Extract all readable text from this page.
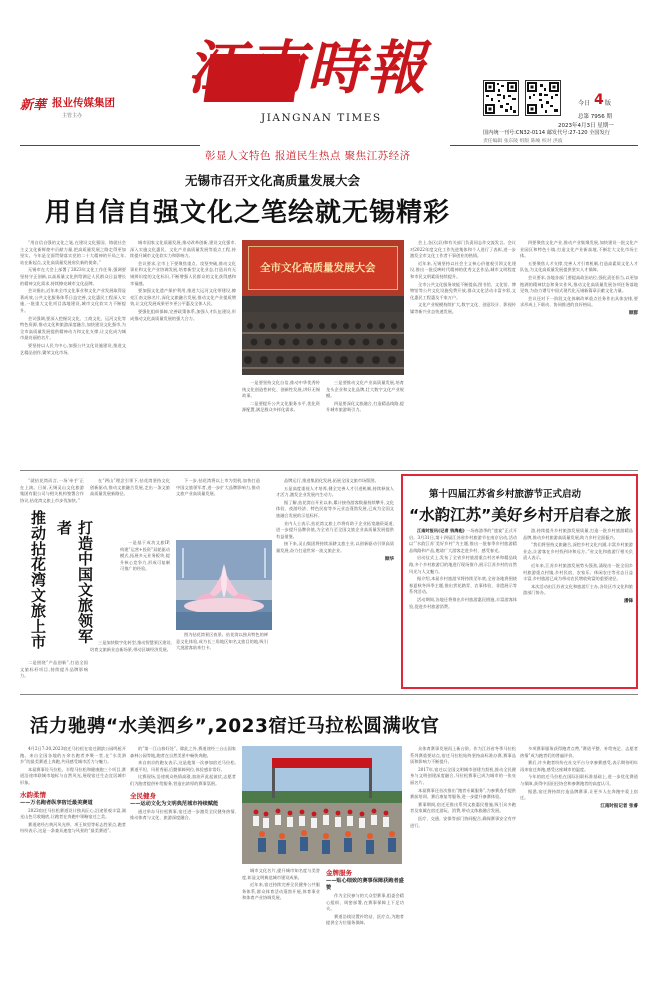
新華 报业传媒集团
主管主办
江南時報
JIANGNAN TIMES
今日 4 版
总第 7956 期
2023年4月3日 星期一
国内统一刊号:CN32-0114 邮发代号:27-120 全国发行
责任编辑 张东陵 组版 陈峻 校对 洪波
彰显人文特色 报道民生热点 聚焦江苏经济
无锡市召开文化高质量发展大会
用自信自强文化之笔绘就无锡精彩

“用自信自强的文化之笔,在建设文化强国、铸就社会主义文化新辉煌中贡献力量,把高质量发展之路走得更加坚实。今年是全面贯彻落实党的二十大精神的开局之年,站在新起点,文化高质量发展肩负新的使命。”

无锡市在大会上部署了2023年文化工作任务,强调要坚持守正创新,以高质量文化供给满足人民群众日益增长的精神文化需求,持续擦亮城市文化品牌。

会议指出,近年来全市文化事业和文化产业发展取得显著成效,公共文化服务体系日益完善,文化惠民工程深入实施,一批重大文化项目落地建设,城市文化软实力不断提升。

会议强调,要深入挖掘吴文化、工商文化、运河文化等特色资源,推动文化和旅游深度融合,加快建设文化强市,为全市高质量发展提供精神动力和文化支撑,让文化成为城市最亮丽的名片。

要坚持以人民为中心,加强公共文化设施建设,推进文艺精品创作,繁荣文化市场。

城市国家文化质量发展,推动改革创新,建设文化强市,深入实施文化惠民、文化产业高质量发展等重点工程,持续提升城市文化软实力和影响力。

会议要求,全市上下要聚焦重点、攻坚突破,推动文化事业和文化产业协调发展,培育新型文化业态,打造具有无锡辨识度的文化标识,不断增强人民群众的文化获得感和幸福感。

要加强文化遗产保护利用,推进大运河文化带建设,擦亮江南文脉名片,深化文旅融合发展,推动文化产业提质增效,让文化发展成果更多更公平惠及全体人民。

要强化组织保障,完善政策体系,加强人才队伍建设,形成推动文化高质量发展的强大合力。

全市文化高质量发展大会

一是要坚持文化自信,推动中华优秀传统文化创造性转化、创新性发展,讲好无锡故事。

二是要提升公共文化服务水平,优化资源配置,满足群众多样化需求。

三是要推动文化产业高质量发展,培育龙头企业和文化品牌,壮大数字文化产业规模。

四是要深化文旅融合,打造精品线路,提升城市旅游吸引力。

会上,各区(县)和有关部门负责同志作交流发言。会议对2022年度文化工作先进集体和个人进行了表彰,进一步激发全市文化工作者干事创业的热情。

近年来,无锡坚持以社会主义核心价值观引领文化建设,推出一批反映时代精神的优秀文艺作品,城市文明程度和市民文明素质持续提升。

全市公共文化服务效能不断提高,图书馆、文化馆、博物馆等公共文化设施免费开放,群众文化活动丰富多彩,文化惠民工程惠及千家万户。

文化产业规模持续扩大,数字文化、创意设计、影视传媒等新兴业态快速发展。

四要聚焦文化产业,推动产业集聚发展,加快建设一批文化产业园区和特色小镇,打造文化产业新高地,不断壮大文化市场主体。

五要聚焦人才支撑,完善人才引育机制,打造高素质文化人才队伍,为文化高质量发展提供坚实人才保障。

会议要求,各地各部门要提高政治站位,强化责任担当,以更加饱满的精神状态和务实作风,推动文化高质量发展各项任务落地见效,为奋力谱写中国式现代化无锡新篇章贡献文化力量。

会议还对下一阶段文化体制改革重点任务作出具体安排,要求形成上下联动、协同推进的良好格局。

顾群

“就拈花湾而言,一场‘牵手’正在上演。日前,无锡灵山文化旅游集团有限公司与相关机构签署合作协议,拈花湾文旅上市步伐加快。”

打造中国文旅领军者
推动拈花湾文旅上市

二是围绕“产品创新”,打造全国文旅标杆项目,持续提升品牌影响力。

在“两山”理念引领下,拈花湾坚持文化创新驱动,推动文旅融合发展,走出一条文旅高质量发展新路径。

一是基于成功文旅IP,构建“运营+投资”双轮驱动模式,拓展多元业务板块,提升核心竞争力,形成可复制可推广的经验。

三是加快数字化转型,推动智慧景区建设,培育文旅新业态新场景,带动区域经济发展。

下一步,拈花湾将以上市为契机,加快打造中国文旅领军者,进一步扩大品牌影响力,推动文旅产业高质量发展。

图为拈花湾景区夜景。拈花湾以独具特色的禅意文化体验,成为长三角地区知名文旅目的地,吸引大批游客前来打卡。

品牌运行,推进集团化发展,拓展全国文旅市场版图。

五是高度重视人才培养,健全完善人才引进机制,持续释放人才活力,激发企业发展内生动力。

据了解,拈花湾自开业以来,累计接待游客数量持续攀升,文化体验、夜游经济、特色民宿等多元业态蓬勃发展,已成为全国文旅融合发展的示范标杆。

业内人士表示,拈花湾文旅上市将有助于企业拓宽融资渠道,进一步提升品牌价值,为全省乃至全国文旅企业高质量发展提供有益借鉴。

接下来,灵山集团将持续深耕文旅主业,以创新驱动引领高质量发展,奋力打造世界一流文旅企业。

顾华
第十四届江苏省乡村旅游节正式启动
“水韵江苏”美好乡村开启春之旅

江南时报讯(记者 钱海彪) 一场春游季的“盛宴”正式开启。3月31日,第十四届江苏省乡村旅游节在南京启动,活动以“‘水韵江苏’美好乡村”为主题,推出一批春季乡村旅游精品线路和产品,邀请广大游客走进乡村、感受春光。

启动仪式上,发布了全省乡村旅游重点村名单和精品线路,多个乡村旅游目的地进行现场推介,展示江苏乡村的自然风光与人文魅力。

据介绍,本届乡村旅游节将持续至年底,全省各地将围绕春夏秋冬四季主题,推出赏花踏青、农事体验、非遗展示等系列活动。

活动期间,各地还将推出乡村旅游惠民措施,丰富游客体验,促进乡村旅游消费。

游,持续提升乡村旅游发展质量,打造一批乡村旅游精品品牌,推动乡村旅游高质量发展,助力乡村全面振兴。

“我们将坚持文旅融合,深挖乡村文化内涵,丰富乡村旅游业态,让游客在乡村找到诗和远方。”省文化和旅游厅相关负责人表示。

近年来,江苏乡村旅游发展势头强劲,涌现出一批全国乡村旅游重点村镇,乡村民宿、农家乐、休闲农庄等业态日益丰富,乡村旅游已成为带动农民增收致富的重要途径。

本次活动由江苏省文化和旅游厅主办,各设区市文化和旅游部门协办。

潘锋
活力驰骋“水美泗乡”,2023宿迁马拉松圆满收官

4月2日7:30,2023宿迁马拉松在宿迁湖滨公园鸣枪开跑。来自全国各地的万余名跑者齐聚一堂,在“水美泗乡”的最美赛道上奔跑,共同感受城市活力与魅力。

本届赛事设马拉松、半程马拉松和健康跑三个项目,赛道沿途串联城市地标与自然风光,展现宿迁生态宜居城市形象。

水韵柔情
——万名跑者纵享宿迁最美赛道

2023宿迁马拉松赛道设计独具匠心,沿途景观丰富,湖光山色尽收眼底,让跑者在奔跑中领略宿迁之美。

赛道途经古黄河风光带、项王故里等标志性景点,跑者纷纷表示,这是一条兼具速度与风景的“最美赛道”。

的“第一江山春好处”。除此之外,赛道途经三台山国家森林公园等地,跑者在自然美景中畅快奔跑。

来自南京的跑友表示,这是他第一次参加宿迁马拉松,赛道平坦、风景秀丽,后勤保障到位,体验感非常好。

比赛现场,沿途观众热情高涨,加油声此起彼伏,志愿者们为跑者提供补给服务,营造出浓厚的赛事氛围。

全民健身
——运动文化为文明典范城市持续赋能

通过举办马拉松赛事,宿迁进一步激发全民健身热情,推动体育与文化、旅游深度融合。

城市文化名片,提升城市知名度与美誉度,彰显文明典范城市建设成果。

近年来,宿迁持续完善全民健身公共服务体系,群众体育活动蓬勃开展,体育事业和体育产业协调发展。

金牌服务
——贴心细致的赛事保障获跑者盛赞

作为全民参与的大众型赛事,组委会精心组织、周密部署,在赛事保障上下足功夫。

赛道沿线设置补给站、医疗点,为跑者提供全方位服务保障。

众体育赛事发展再上新台阶。作为江苏省冬季马拉松系列赛重要站点,宿迁马拉松始终坚持高标准办赛,赛事品质和影响力不断提升。

2017年,宿迁以全国文明城市创建为契机,推动全民健身与文明创建深度融合,马拉松赛事已成为城市的一张亮丽名片。

本届赛事还首次推出“跑者专属服务”,为参赛选手提供赛前培训、赛后康复等服务,进一步提升参赛体验。

赛事期间,宿迁还推出系列文旅惠民措施,吸引众多跑者及家属在宿迁游玩、消费,带动文体旅融合发展。

医疗、交通、安保等部门协同配合,确保赛事安全有序进行。

多项赛事服务获得跑者点赞,“赛道平整、补给充足、志愿者热情”成为跑者们的普遍评价。

赛后,许多跑者纷纷在社交平台分享参赛感受,表示期待明年再来宿迁奔跑,感受这座城市的温度。

今年的宿迁马拉松在国际田联标准基础上,进一步优化赛道与保障,获得中国田径协会和参赛跑者的高度认可。

据悉,宿迁将持续打造品牌赛事,让更多人在奔跑中爱上宿迁。

江南时报记者 张睿
